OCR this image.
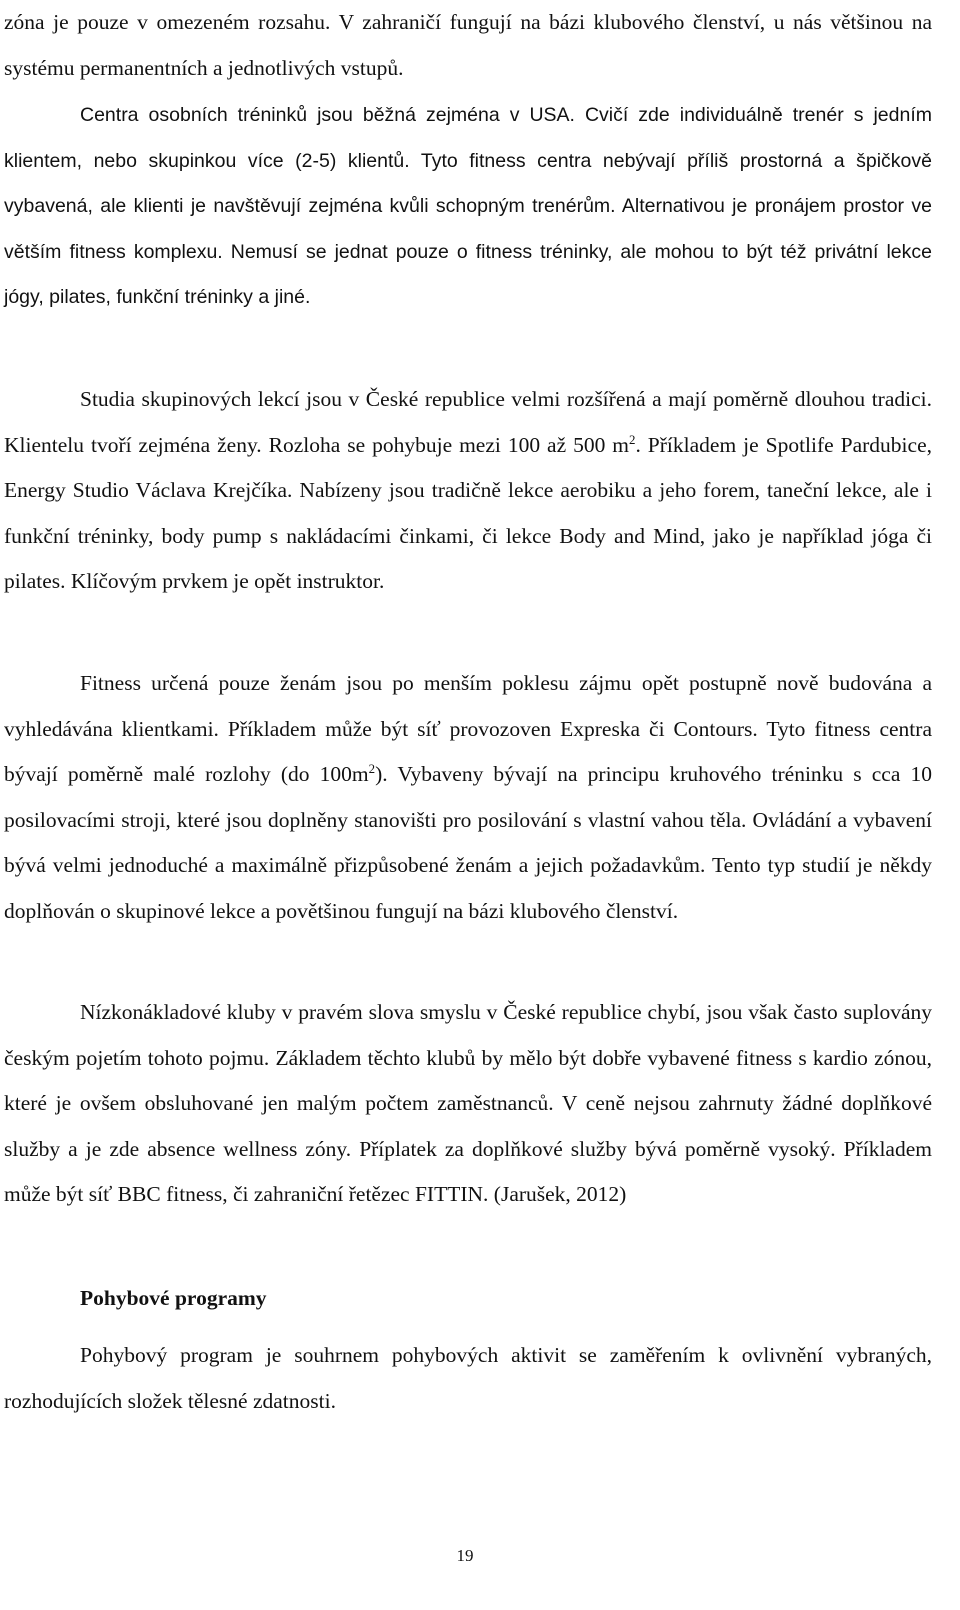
zóna je pouze v omezeném rozsahu. V zahraničí fungují na bázi klubového členství, u nás většinou na systému permanentních a jednotlivých vstupů.

Centra osobních tréninků jsou běžná zejména v USA. Cvičí zde individuálně trenér s jedním klientem, nebo skupinkou více (2-5) klientů. Tyto fitness centra nebývají příliš prostorná a špičkově vybavená, ale klienti je navštěvují zejména kvůli schopným trenérům. Alternativou je pronájem prostor ve větším fitness komplexu. Nemusí se jednat pouze o fitness tréninky, ale mohou to být též privátní lekce jógy, pilates, funkční tréninky a jiné.

Studia skupinových lekcí jsou v České republice velmi rozšířená a mají poměrně dlouhou tradici. Klientelu tvoří zejména ženy. Rozloha se pohybuje mezi 100 až 500 $m^2$. Příkladem je Spotlife Pardubice, Energy Studio Václava Krejčíka. Nabízeny jsou tradičně lekce aerobiku a jeho forem, taneční lekce, ale i funkční tréninky, body pump s nakládacími činkami, či lekce Body and Mind, jako je například jóga či pilates. Klíčovým prvkem je opět instruktor.

Fitness určená pouze ženám jsou po menším poklesu zájmu opět postupně nově budována a vyhledávána klientkami. Příkladem může být síť provozoven Expreska či Contours. Tyto fitness centra bývají poměrně malé rozlohy (do $100m^2$). Vybaveny bývají na principu kruhového tréninku s cca 10 posilovacími stroji, které jsou doplněny stanovišti pro posilování s vlastní vahou těla. Ovládání a vybavení bývá velmi jednoduché a maximálně přizpůsobené ženám a jejich požadavkům. Tento typ studií je někdy doplňován o skupinové lekce a povětšinou fungují na bázi klubového členství.

Nízkonákladové kluby v pravém slova smyslu v České republice chybí, jsou však často suplovány českým pojetím tohoto pojmu. Základem těchto klubů by mělo být dobře vybavené fitness s kardio zónou, které je ovšem obsluhované jen malým počtem zaměstnanců. V ceně nejsou zahrnuty žádné doplňkové služby a je zde absence wellness zóny. Příplatek za doplňkové služby bývá poměrně vysoký. Příkladem může být síť BBC fitness, či zahraniční řetězec FITTIN. (Jarušek, 2012)

Pohybové programy

Pohybový program je souhrnem pohybových aktivit se zaměřením k ovlivnění vybraných, rozhodujících složek tělesné zdatnosti.

19
